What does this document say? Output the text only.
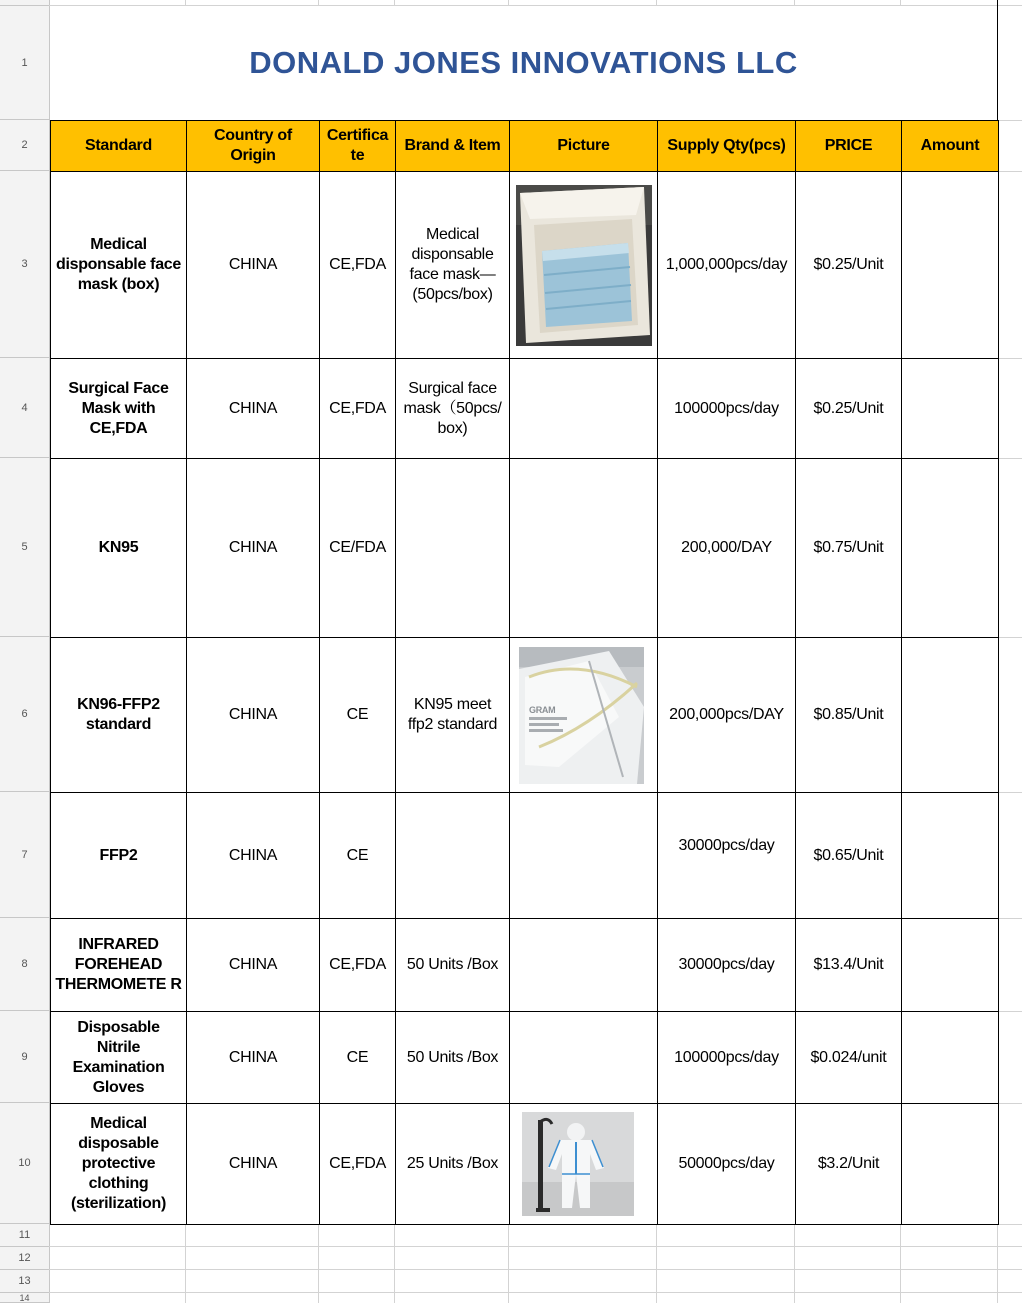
1
2
3
4
5
6
7
8
9
10
11
12
13
14
DONALD JONES INNOVATIONS LLC
Standard	Country of Origin	Certifica te	Brand & Item	Picture	Supply Qty(pcs)	PRICE	Amount
Medical disponsable face mask (box)	CHINA	CE,FDA	Medical disponsable face mask— (50pcs/box)		1,000,000pcs/day	$0.25/Unit	
Surgical Face Mask with CE,FDA	CHINA	CE,FDA	Surgical face mask（50pcs/ box)		100000pcs/day	$0.25/Unit	
KN95	CHINA	CE/FDA			200,000/DAY	$0.75/Unit	
KN96-FFP2 standard	CHINA	CE	KN95 meet ffp2 standard	GRAM	200,000pcs/DAY	$0.85/Unit	
FFP2	CHINA	CE			30000pcs/day	$0.65/Unit	
INFRARED FOREHEAD THERMOMETE R	CHINA	CE,FDA	50 Units /Box		30000pcs/day	$13.4/Unit	
Disposable Nitrile Examination Gloves	CHINA	CE	50 Units /Box		100000pcs/day	$0.024/unit	
Medical disposable protective clothing (sterilization)	CHINA	CE,FDA	25 Units /Box		50000pcs/day	$3.2/Unit	
